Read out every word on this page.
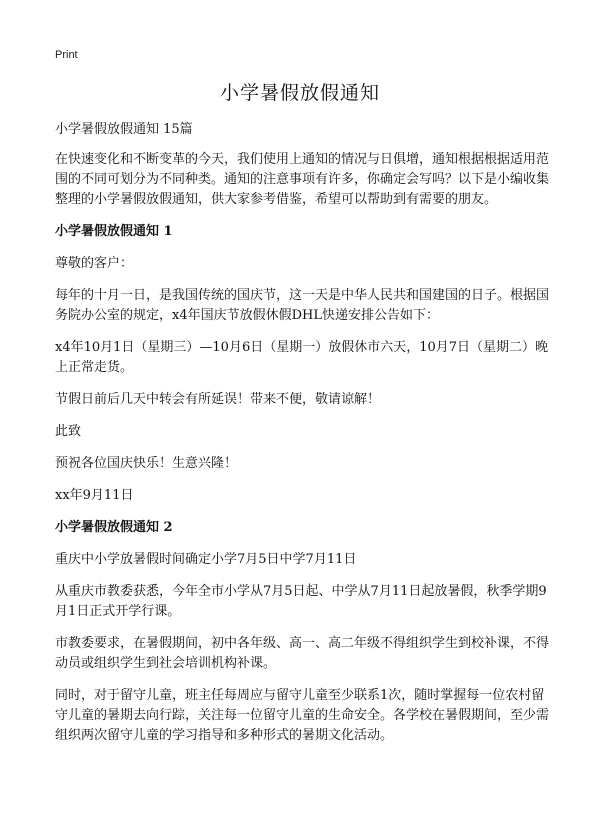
Print
小学暑假放假通知

小学暑假放假通知 15篇

在快速变化和不断变革的今天，我们使用上通知的情况与日俱增，通知根据根据适用范围的不同可划分为不同种类。通知的注意事项有许多，你确定会写吗？以下是小编收集整理的小学暑假放假通知，供大家参考借鉴，希望可以帮助到有需要的朋友。

小学暑假放假通知 1

尊敬的客户：

每年的十月一日，是我国传统的国庆节，这一天是中华人民共和国建国的日子。根据国务院办公室的规定，x4年国庆节放假休假DHL快递安排公告如下：

x4年10月1日（星期三）—10月6日（星期一）放假休市六天，10月7日（星期二）晚上正常走货。

节假日前后几天中转会有所延误！带来不便，敬请谅解！

此致

预祝各位国庆快乐！生意兴隆！

xx年9月11日

小学暑假放假通知 2

重庆中小学放暑假时间确定小学7月5日中学7月11日

从重庆市教委获悉，今年全市小学从7月5日起、中学从7月11日起放暑假，秋季学期9月1日正式开学行课。

市教委要求，在暑假期间，初中各年级、高一、高二年级不得组织学生到校补课，不得动员或组织学生到社会培训机构补课。

同时，对于留守儿童，班主任每周应与留守儿童至少联系1次，随时掌握每一位农村留守儿童的暑期去向行踪，关注每一位留守儿童的生命安全。各学校在暑假期间，至少需组织两次留守儿童的学习指导和多种形式的暑期文化活动。
